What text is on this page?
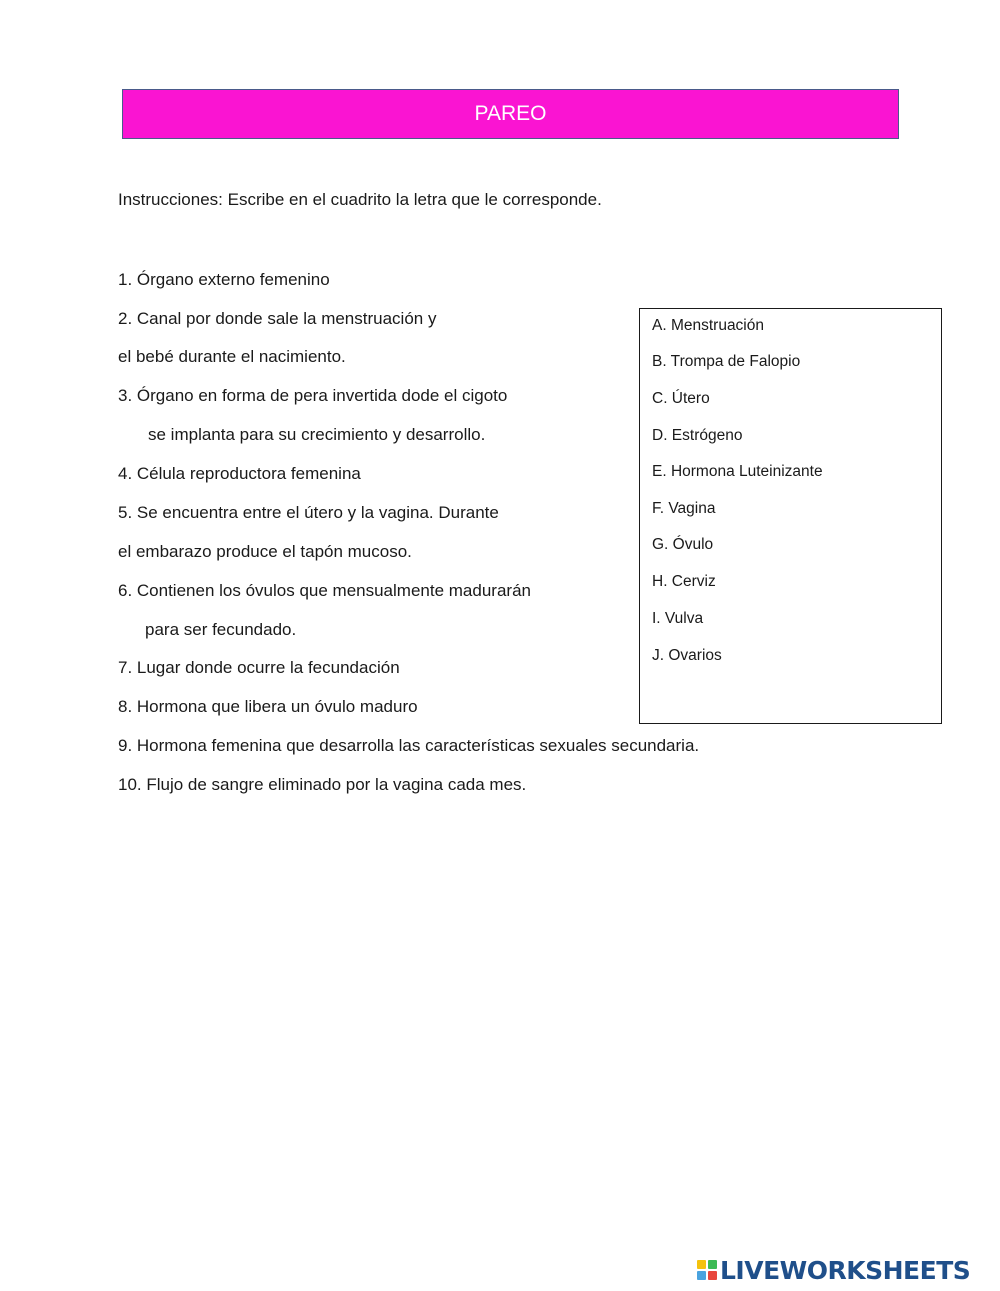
PAREO
Instrucciones: Escribe en el cuadrito la letra que le corresponde.
1. Órgano externo femenino
2. Canal por donde sale la menstruación y
el bebé durante el nacimiento.
3. Órgano en forma de pera invertida dode el cigoto
se implanta para su crecimiento y desarrollo.
4. Célula reproductora femenina
5. Se encuentra entre el útero y la vagina. Durante
el embarazo produce el tapón mucoso.
6. Contienen los óvulos que mensualmente madurarán
para ser fecundado.
7. Lugar donde ocurre la fecundación
8. Hormona que libera un óvulo maduro
9. Hormona femenina que desarrolla las características sexuales secundaria.
10. Flujo de sangre eliminado por la vagina cada mes.
A. Menstruación
B. Trompa de Falopio
C. Útero
D. Estrógeno
E. Hormona Luteinizante
F. Vagina
G. Óvulo
H. Cerviz
I. Vulva
J. Ovarios
LIVEWORKSHEETS
